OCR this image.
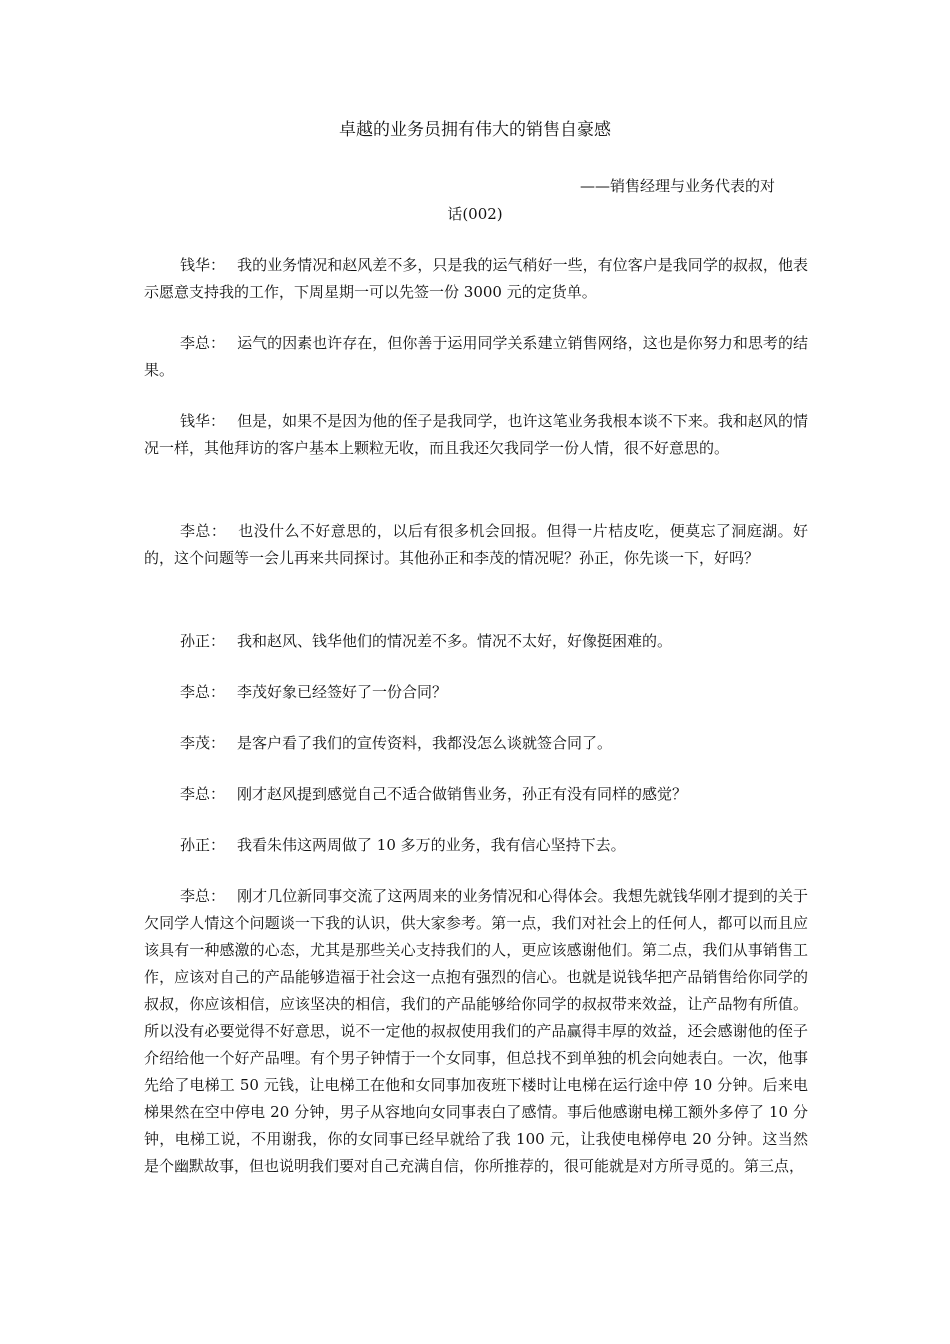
卓越的业务员拥有伟大的销售自豪感
——销售经理与业务代表的对
话(002)

钱华： 我的业务情况和赵风差不多，只是我的运气稍好一些，有位客户是我同学的叔叔，他表示愿意支持我的工作，下周星期一可以先签一份 3000 元的定货单。

李总： 运气的因素也许存在，但你善于运用同学关系建立销售网络，这也是你努力和思考的结果。

钱华： 但是，如果不是因为他的侄子是我同学，也许这笔业务我根本谈不下来。我和赵风的情况一样，其他拜访的客户基本上颗粒无收，而且我还欠我同学一份人情，很不好意思的。

李总： 也没什么不好意思的，以后有很多机会回报。但得一片桔皮吃，便莫忘了洞庭湖。好的，这个问题等一会儿再来共同探讨。其他孙正和李茂的情况呢？孙正，你先谈一下，好吗？

孙正： 我和赵风、钱华他们的情况差不多。情况不太好，好像挺困难的。

李总： 李茂好象已经签好了一份合同？

李茂： 是客户看了我们的宣传资料，我都没怎么谈就签合同了。

李总： 刚才赵风提到感觉自己不适合做销售业务，孙正有没有同样的感觉？

孙正： 我看朱伟这两周做了 10 多万的业务，我有信心坚持下去。

李总： 刚才几位新同事交流了这两周来的业务情况和心得体会。我想先就钱华刚才提到的关于欠同学人情这个问题谈一下我的认识，供大家参考。第一点，我们对社会上的任何人，都可以而且应该具有一种感激的心态，尤其是那些关心支持我们的人，更应该感谢他们。第二点，我们从事销售工作，应该对自己的产品能够造福于社会这一点抱有强烈的信心。也就是说钱华把产品销售给你同学的叔叔，你应该相信，应该坚决的相信，我们的产品能够给你同学的叔叔带来效益，让产品物有所值。所以没有必要觉得不好意思，说不一定他的叔叔使用我们的产品赢得丰厚的效益，还会感谢他的侄子介绍给他一个好产品哩。有个男子钟情于一个女同事，但总找不到单独的机会向她表白。一次，他事先给了电梯工 50 元钱，让电梯工在他和女同事加夜班下楼时让电梯在运行途中停 10 分钟。后来电梯果然在空中停电 20 分钟，男子从容地向女同事表白了感情。事后他感谢电梯工额外多停了 10 分钟，电梯工说，不用谢我，你的女同事已经早就给了我 100 元，让我使电梯停电 20 分钟。这当然是个幽默故事，但也说明我们要对自己充满自信，你所推荐的，很可能就是对方所寻觅的。第三点，
